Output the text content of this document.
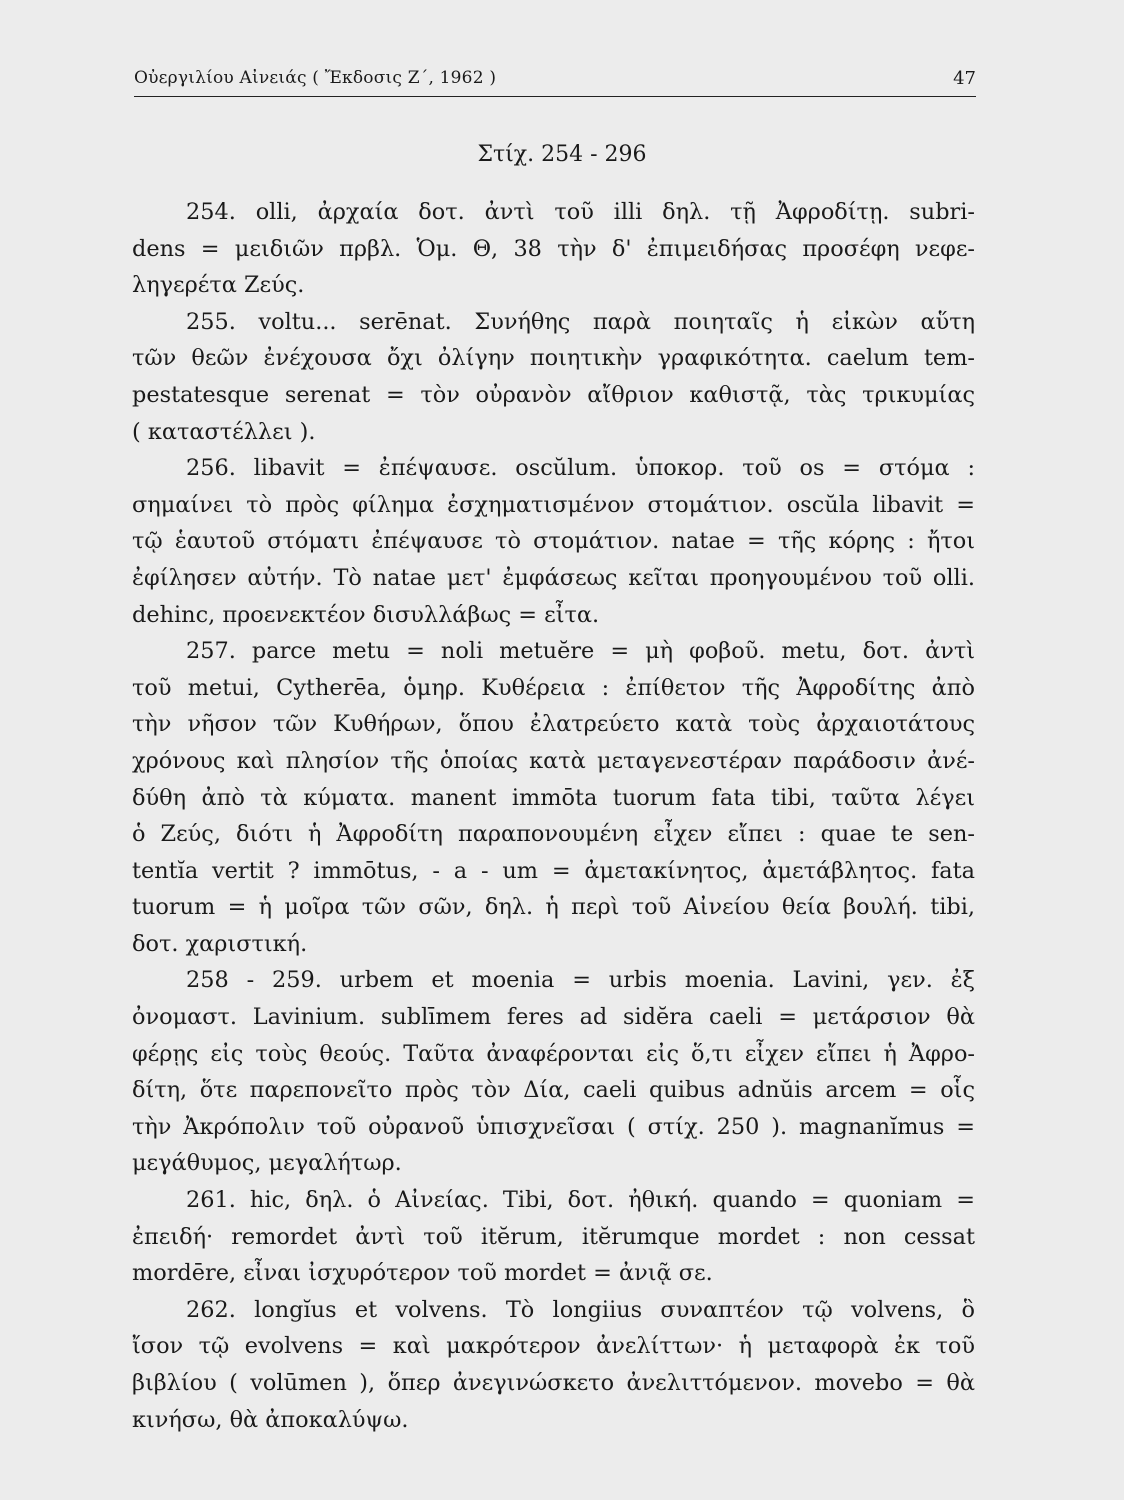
Οὐεργιλίου Αἰνειάς ( Ἔκδοσις Ζ΄, 1962 )	47
Στίχ. 254 - 296
254. olli, ἀρχαία δοτ. ἀντὶ τοῦ illi δηλ. τῇ Ἀφροδίτῃ. subri-
dens = μειδιῶν πρβλ. Ὁμ. Θ, 38 τὴν δ' ἐπιμειδήσας προσέφη νεφε-
ληγερέτα Ζεύς.
255. voltu... serēnat. Συνήθης παρὰ ποιηταῖς ἡ εἰκὼν αὕτη
τῶν θεῶν ἐνέχουσα ὄχι ὀλίγην ποιητικὴν γραφικότητα. caelum tem-
pestatesque serenat = τὸν οὐρανὸν αἴθριον καθιστᾷ, τὰς τρικυμίας
( καταστέλλει ).
256. libavit = ἐπέψαυσε. oscŭlum. ὑποκορ. τοῦ os = στόμα :
σημαίνει τὸ πρὸς φίλημα ἐσχηματισμένον στομάτιον. oscŭla libavit =
τῷ ἑαυτοῦ στόματι ἐπέψαυσε τὸ στομάτιον. natae = τῆς κόρης : ἤτοι
ἐφίλησεν αὐτήν. Τὸ natae μετ' ἐμφάσεως κεῖται προηγουμένου τοῦ olli.
dehinc, προενεκτέον δισυλλάβως = εἶτα.
257. parce metu = noli metuĕre = μὴ φοβοῦ. metu, δοτ. ἀντὶ
τοῦ metui, Cytherēa, ὁμηρ. Κυθέρεια : ἐπίθετον τῆς Ἀφροδίτης ἀπὸ
τὴν νῆσον τῶν Κυθήρων, ὅπου ἐλατρεύετο κατὰ τοὺς ἀρχαιοτάτους
χρόνους καὶ πλησίον τῆς ὁποίας κατὰ μεταγενεστέραν παράδοσιν ἀνέ-
δύθη ἀπὸ τὰ κύματα. manent immōta tuorum fata tibi, ταῦτα λέγει
ὁ Ζεύς, διότι ἡ Ἀφροδίτη παραπονουμένη εἶχεν εἴπει : quae te sen-
tentĭa vertit ? immōtus, - a - um = ἀμετακίνητος, ἀμετάβλητος. fata
tuorum = ἡ μοῖρα τῶν σῶν, δηλ. ἡ περὶ τοῦ Αἰνείου θεία βουλή. tibi,
δοτ. χαριστική.
258 - 259. urbem et moenia = urbis moenia. Lavini, γεν. ἐξ
ὀνομαστ. Lavinium. sublīmem feres ad sidĕra caeli = μετάρσιον θὰ
φέρῃς εἰς τοὺς θεούς. Ταῦτα ἀναφέρονται εἰς ὅ,τι εἶχεν εἴπει ἡ Ἀφρο-
δίτη, ὅτε παρεπονεῖτο πρὸς τὸν Δία, caeli quibus adnŭis arcem = οἷς
τὴν Ἀκρόπολιν τοῦ οὐρανοῦ ὑπισχνεῖσαι ( στίχ. 250 ). magnanĭmus =
μεγάθυμος, μεγαλήτωρ.
261. hic, δηλ. ὁ Αἰνείας. Tibi, δοτ. ἠθική. quando = quoniam =
ἐπειδή· remordet ἀντὶ τοῦ itĕrum, itĕrumque mordet : non cessat
mordēre, εἶναι ἰσχυρότερον τοῦ mordet = ἀνιᾷ σε.
262. longĭus et volvens. Τὸ longiius συναπτέον τῷ volvens, ὃ
ἴσον τῷ evolvens = καὶ μακρότερον ἀνελίττων· ἡ μεταφορὰ ἐκ τοῦ
βιβλίου ( volūmen ), ὅπερ ἀνεγινώσκετο ἀνελιττόμενον. movebo = θὰ
κινήσω, θὰ ἀποκαλύψω.
